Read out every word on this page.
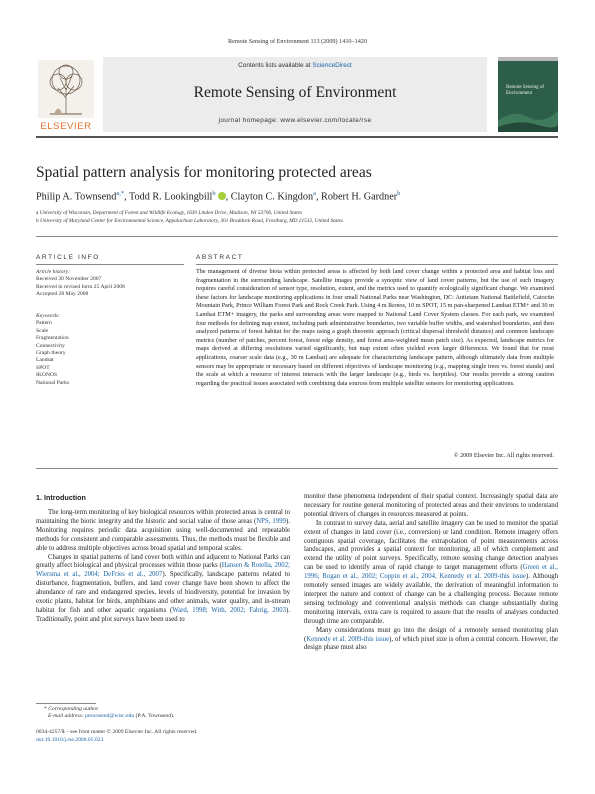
Remote Sensing of Environment 113 (2009) 1410–1420
ELSEVIER
Contents lists available at ScienceDirect
Remote Sensing of Environment
journal homepage: www.elsevier.com/locate/rse
Remote Sensing of Environment
Spatial pattern analysis for monitoring protected areas
Philip A. Townsend$^{a,*}$, Todd R. Lookingbill$^b$ , Clayton C. Kingdon$^a$, Robert H. Gardner$^b$
a University of Wisconsin, Department of Forest and Wildlife Ecology, 1630 Linden Drive, Madison, WI 53706, United States
b University of Maryland Center for Environmental Science, Appalachian Laboratory, 301 Braddock Road, Frostburg, MD 21532, United States
ARTICLE INFO	ABSTRACT
Article history:
Received 30 November 2007
Received in revised form 25 April 2008
Accepted 28 May 2008
Keywords:
Pattern
Scale
Fragmentation
Connectivity
Graph theory
Landsat
SPOT
IKONOS
National Parks
The management of diverse biota within protected areas is affected by both land cover change within a protected area and habitat loss and fragmentation in the surrounding landscape. Satellite images provide a synoptic view of land cover patterns, but the use of such imagery requires careful consideration of sensor type, resolution, extent, and the metrics used to quantify ecologically significant change. We examined these factors for landscape monitoring applications in four small National Parks near Washington, DC: Antietam National Battlefield, Catoctin Mountain Park, Prince William Forest Park and Rock Creek Park. Using 4 m Ikonos, 10 m SPOT, 15 m pan-sharpened Landsat ETM+ and 30 m Landsat ETM+ imagery, the parks and surrounding areas were mapped to National Land Cover System classes. For each park, we examined four methods for defining map extent, including park administrative boundaries, two variable buffer widths, and watershed boundaries, and then analyzed patterns of forest habitat for the maps using a graph theoretic approach (critical dispersal threshold distance) and common landscape metrics (number of patches, percent forest, forest edge density, and forest area-weighted mean patch size). As expected, landscape metrics for maps derived at differing resolutions varied significantly, but map extent often yielded even larger differences. We found that for most applications, coarser scale data (e.g., 30 m Landsat) are adequate for characterizing landscape pattern, although ultimately data from multiple sensors may be appropriate or necessary based on different objectives of landscape monitoring (e.g., mapping single trees vs. forest stands) and the scale at which a resource of interest interacts with the larger landscape (e.g., birds vs. herptiles). Our results provide a strong caution regarding the practical issues associated with combining data sources from multiple satellite sensors for monitoring applications.
© 2009 Elsevier Inc. All rights reserved.
1. Introduction

The long-term monitoring of key biological resources within protected areas is central to maintaining the biotic integrity and the historic and social value of those areas (NPS, 1999). Monitoring requires periodic data acquisition using well-documented and repeatable methods for consistent and comparable assessments. Thus, the methods must be flexible and able to address multiple objectives across broad spatial and temporal scales.

Changes in spatial patterns of land cover both within and adjacent to National Parks can greatly affect biological and physical processes within those parks (Hansen & Rotella, 2002; Wiersma et al., 2004; DeFries et al., 2007). Specifically, landscape patterns related to disturbance, fragmentation, buffers, and land cover change have been shown to affect the abundance of rare and endangered species, levels of biodiversity, potential for invasion by exotic plants, habitat for birds, amphibians and other animals, water quality, and in-stream habitat for fish and other aquatic organisms (Ward, 1998; With, 2002; Fabrig, 2003). Traditionally, point and plot surveys have been used to

monitor these phenomena independent of their spatial context. Increasingly spatial data are necessary for routine general monitoring of protected areas and their environs to understand potential drivers of changes in resources measured at points.

In contrast to survey data, aerial and satellite imagery can be used to monitor the spatial extent of changes in land cover (i.e., conversion) or land condition. Remote imagery offers contiguous spatial coverage, facilitates the extrapolation of point measurements across landscapes, and provides a spatial context for monitoring, all of which complement and extend the utility of point surveys. Specifically, remote sensing change detection analyses can be used to identify areas of rapid change to target management efforts (Green et al., 1996; Rogan et al., 2002; Coppin et al., 2004, Kennedy et al. 2009-this issue). Although remotely sensed images are widely available, the derivation of meaningful information to interpret the nature and context of change can be a challenging process. Because remote sensing technology and conventional analysis methods can change substantially during monitoring intervals, extra care is required to assure that the results of analyses conducted through time are comparable.

Many considerations must go into the design of a remotely sensed monitoring plan (Kennedy et al. 2009-this issue), of which pixel size is often a central concern. However, the design phase must also

* Corresponding author.
E-mail address: ptownsend@wisc.edu (P.A. Townsend).
0034-4257/$ – see front matter © 2009 Elsevier Inc. All rights reserved.
doi:10.1016/j.rse.2008.05.023
